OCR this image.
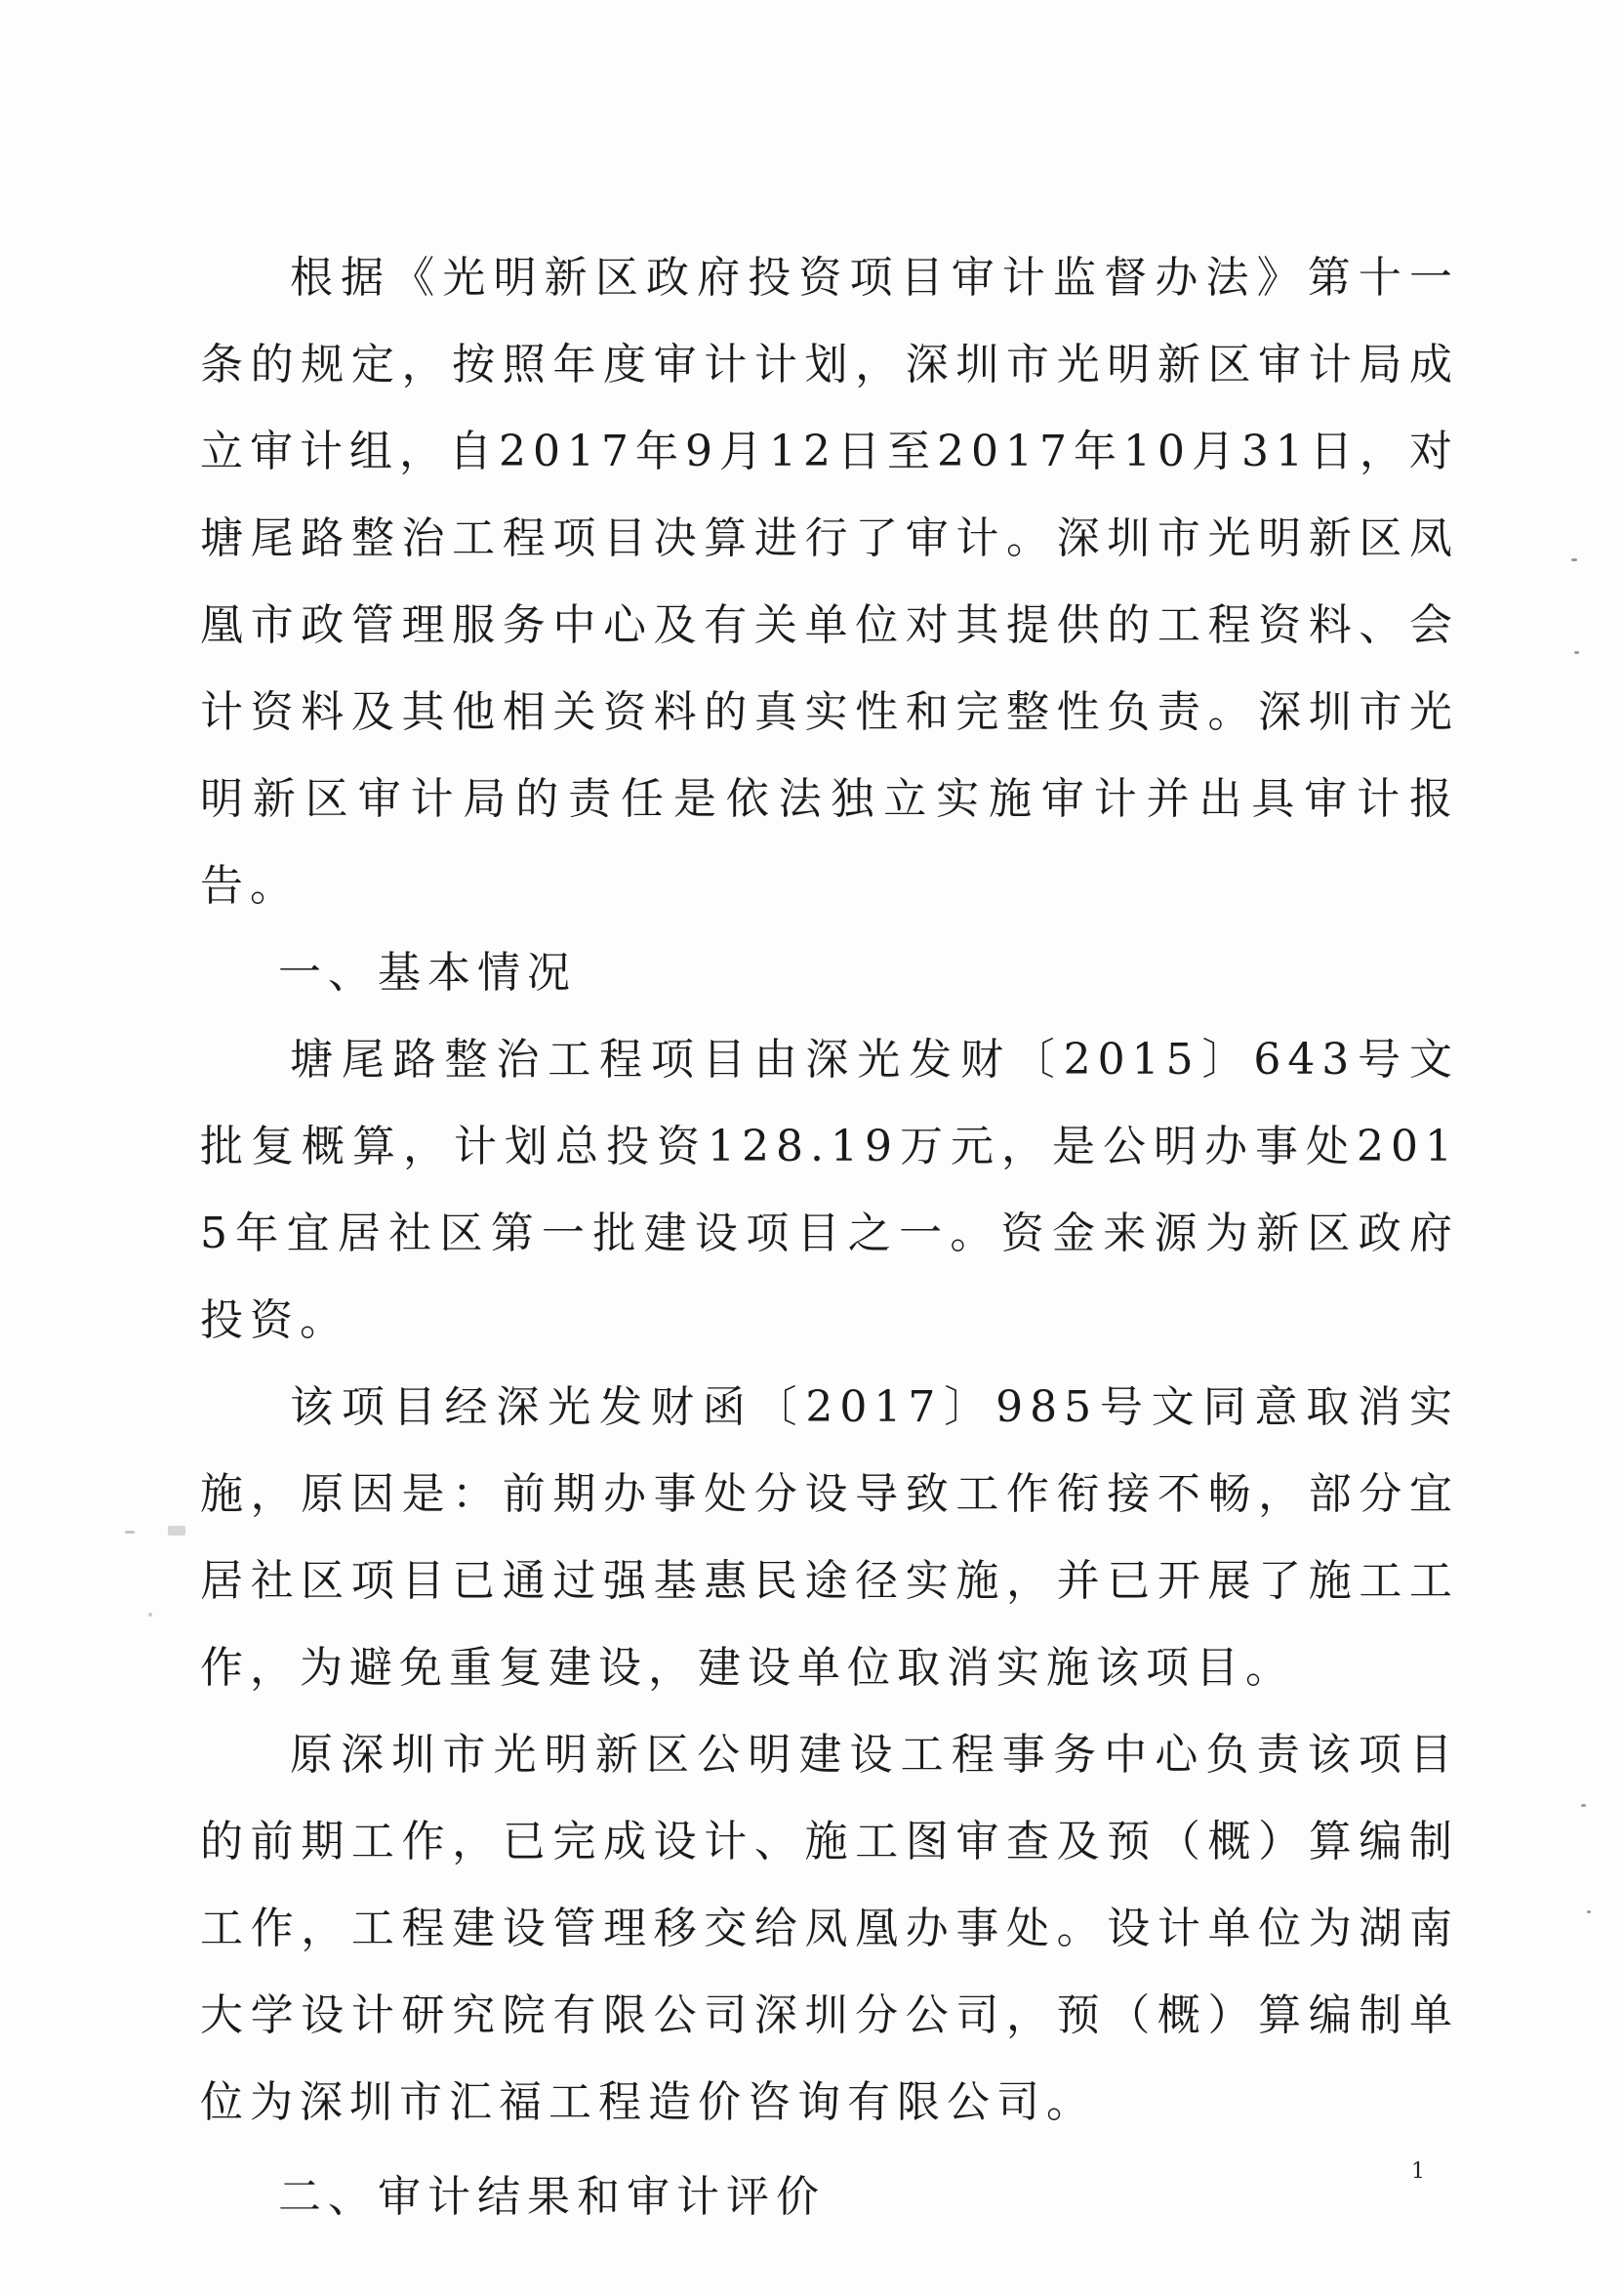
根据《光明新区政府投资项目审计监督办法》第十一条的规定，按照年度审计计划，深圳市光明新区审计局成立审计组，自2017年9月12日至2017年10月31日，对塘尾路整治工程项目决算进行了审计。深圳市光明新区凤凰市政管理服务中心及有关单位对其提供的工程资料、会计资料及其他相关资料的真实性和完整性负责。深圳市光明新区审计局的责任是依法独立实施审计并出具审计报告。

一、基本情况

塘尾路整治工程项目由深光发财〔2015〕643号文批复概算，计划总投资128.19万元，是公明办事处2015年宜居社区第一批建设项目之一。资金来源为新区政府投资。

该项目经深光发财函〔2017〕985号文同意取消实施，原因是：前期办事处分设导致工作衔接不畅，部分宜居社区项目已通过强基惠民途径实施，并已开展了施工工作，为避免重复建设，建设单位取消实施该项目。

原深圳市光明新区公明建设工程事务中心负责该项目的前期工作，已完成设计、施工图审查及预（概）算编制工作，工程建设管理移交给凤凰办事处。设计单位为湖南大学设计研究院有限公司深圳分公司，预（概）算编制单位为深圳市汇福工程造价咨询有限公司。

二、审计结果和审计评价

1
